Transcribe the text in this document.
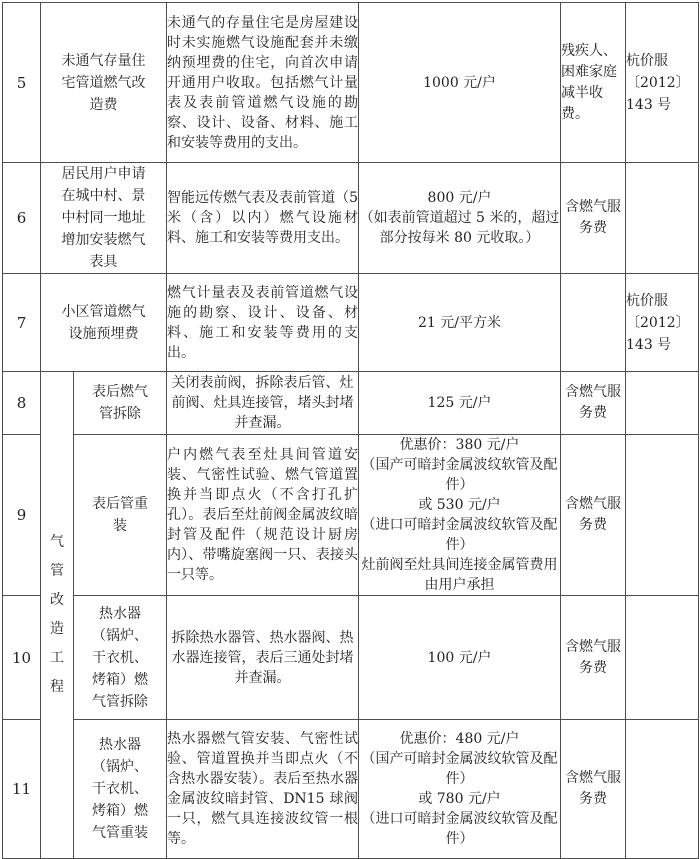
5	未通气存量住宅管道燃气改造费		未通气的存量住宅是房屋建设时未实施燃气设施配套并未缴纳预埋费的住宅，向首次申请开通用户收取。包括燃气计量表及表前管道燃气设施的勘察、设计、设备、材料、施工和安装等费用的支出。	1000 元/户	残疾人、困难家庭减半收费。	杭价服〔2012〕143 号
6	居民用户申请在城中村、景中村同一地址增加安装燃气表具		智能远传燃气表及表前管道（5 米（含）以内）燃气设施材料、施工和安装等费用支出。	800 元/户
（如表前管道超过 5 米的，超过部分按每米 80 元收取。）	含燃气服务费	
7	小区管道燃气设施预埋费		燃气计量表及表前管道燃气设施的勘察、设计、设备、材料、施工和安装等费用的支出。	21 元/平方米		杭价服〔2012〕143 号
8	气管改造工程	表后燃气管拆除	关闭表前阀，拆除表后管、灶前阀、灶具连接管，堵头封堵并查漏。	125 元/户	含燃气服务费	
9		表后管重装	户内燃气表至灶具间管道安装、气密性试验、燃气管道置换并当即点火（不含打孔扩孔）。表后至灶前阀金属波纹暗封管及配件（规范设计厨房内）、带嘴旋塞阀一只、表接头一只等。	优惠价：380 元/户
（国产可暗封金属波纹软管及配件）
或 530 元/户
（进口可暗封金属波纹软管及配件）
灶前阀至灶具间连接金属管费用由用户承担	含燃气服务费	
10		热水器（锅炉、干衣机、烤箱）燃气管拆除	拆除热水器管、热水器阀、热水器连接管，表后三通处封堵并查漏。	100 元/户	含燃气服务费	
11		热水器（锅炉、干衣机、烤箱）燃气管重装	热水器燃气管安装、气密性试验、管道置换并当即点火（不含热水器安装）。表后至热水器金属波纹暗封管、DN15 球阀一只，燃气具连接波纹管一根等。	优惠价：480 元/户
（国产可暗封金属波纹软管及配件）
或 780 元/户
（进口可暗封金属波纹软管及配件）	含燃气服务费	
